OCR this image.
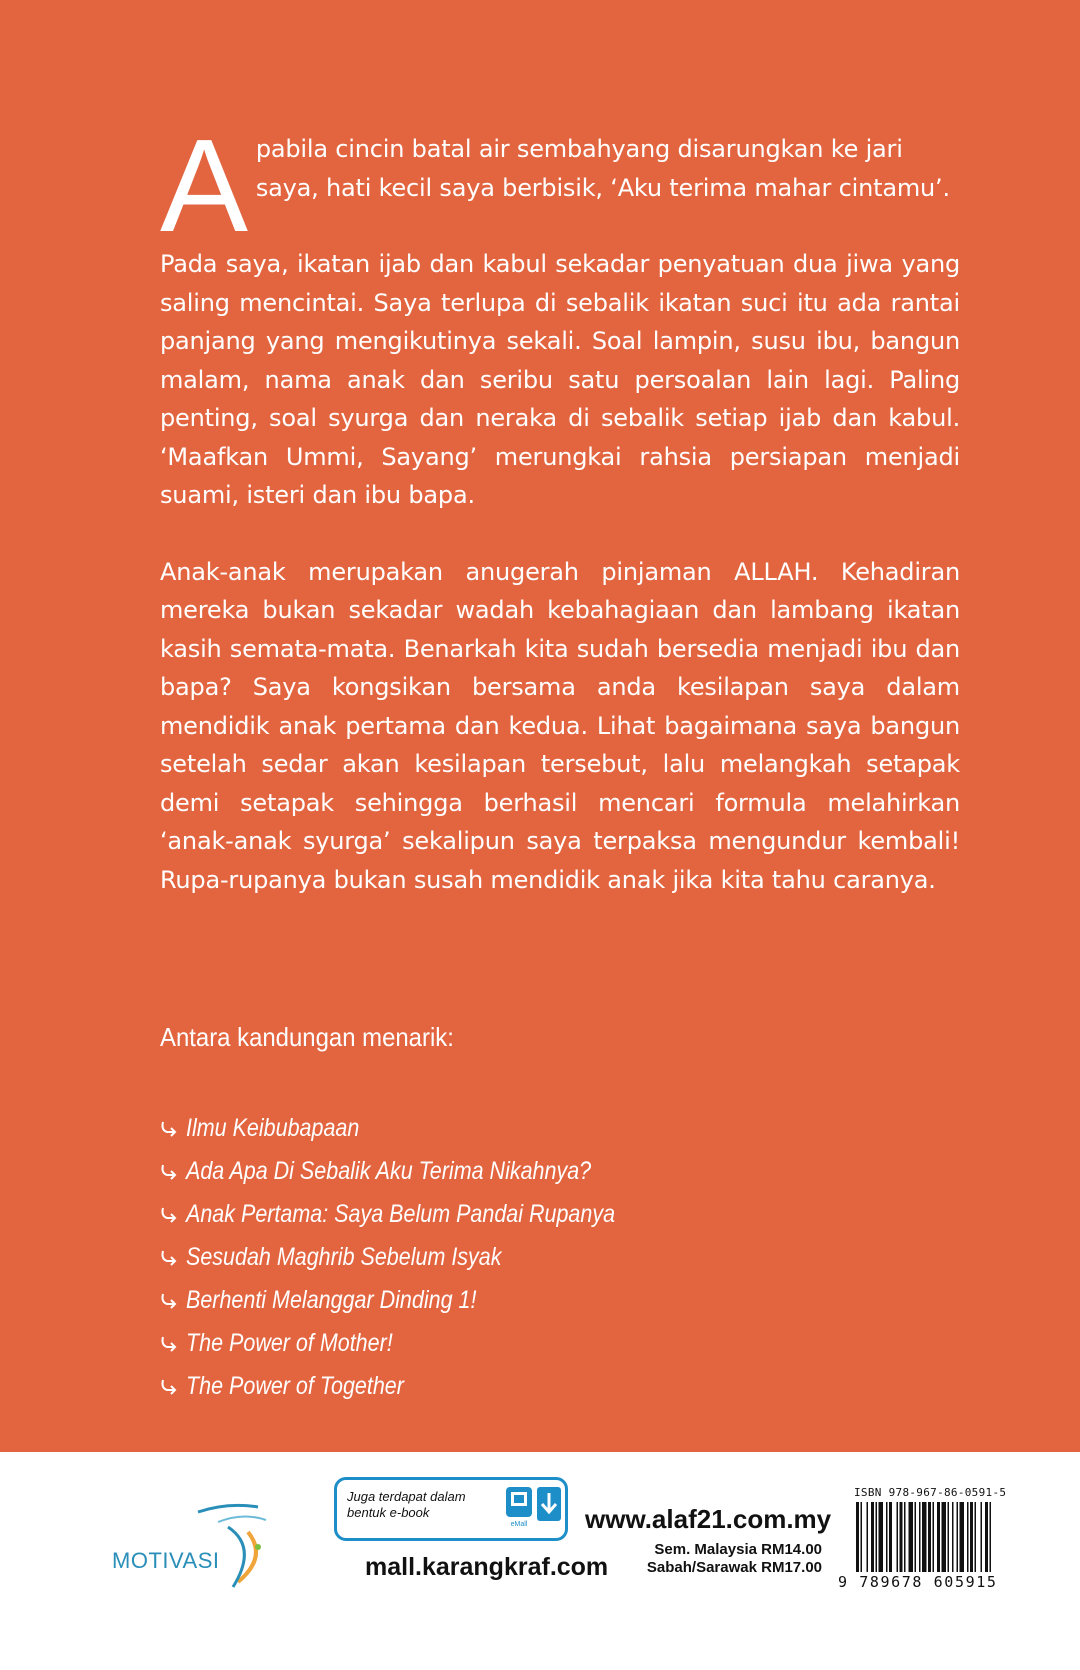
Apabila cincin batal air sembahyang disarungkan ke jari saya, hati kecil saya berbisik, ‘Aku terima mahar cintamu’.

Pada saya, ikatan ijab dan kabul sekadar penyatuan dua jiwa yang saling mencintai. Saya terlupa di sebalik ikatan suci itu ada rantai panjang yang mengikutinya sekali. Soal lampin, susu ibu, bangun malam, nama anak dan seribu satu persoalan lain lagi. Paling penting, soal syurga dan neraka di sebalik setiap ijab dan kabul. ‘Maafkan Ummi, Sayang’ merungkai rahsia persiapan menjadi suami, isteri dan ibu bapa.

Anak-anak merupakan anugerah pinjaman ALLAH. Kehadiran mereka bukan sekadar wadah kebahagiaan dan lambang ikatan kasih semata-mata. Benarkah kita sudah bersedia menjadi ibu dan bapa? Saya kongsikan bersama anda kesilapan saya dalam mendidik anak pertama dan kedua. Lihat bagaimana saya bangun setelah sedar akan kesilapan tersebut, lalu melangkah setapak demi setapak sehingga berhasil mencari formula melahirkan ‘anak-anak syurga’ sekalipun saya terpaksa mengundur kembali! Rupa-rupanya bukan susah mendidik anak jika kita tahu caranya.

Antara kandungan menarik:
Ilmu Keibubapaan
Ada Apa Di Sebalik Aku Terima Nikahnya?
Anak Pertama: Saya Belum Pandai Rupanya
Sesudah Maghrib Sebelum Isyak
Berhenti Melanggar Dinding 1!
The Power of Mother!
The Power of Together
MOTIVASI
Juga terdapat dalam bentuk e-book
eMall www.alaf21.com.my
Sem. Malaysia RM14.00
Sabah/Sarawak RM17.00
mall.karangkraf.com
ISBN 978-967-86-0591-5
9 789678 605915
